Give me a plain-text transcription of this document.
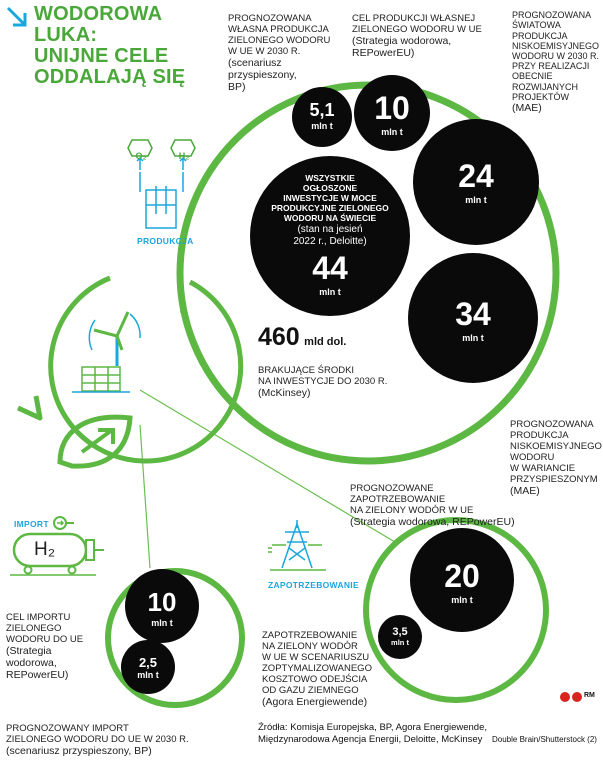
WODOROWA
LUKA:
UNIJNE CELE
ODDALAJĄ SIĘ
O₂	H₂
PRODUKCJA
IMPORT
H₂
ZAPOTRZEBOWANIE

PROGNOZOWANA
WŁASNA PRODUKCJA
ZIELONEGO WODORU
W UE W 2030 R.

(scenariusz
przyspieszony,
BP)

CEL PRODUKCJI WŁASNEJ
ZIELONEGO WODORU W UE

(Strategia wodorowa,
REPowerEU)

PROGNOZOWANA
ŚWIATOWA
PRODUKCJA
NISKOEMISYJNEGO
WODORU W 2030 R.
PRZY REALIZACJI
OBECNIE
ROZWIJANYCH
PROJEKTÓW

(MAE)

PROGNOZOWANA
PRODUKCJA
NISKOEMISYJNEGO
WODORU
W WARIANCIE
PRZYSPIESZONYM

(MAE)

5,1
mln t	10
mln t
24
mln t
34
mln t
WSZYSTKIE
OGŁOSZONE
INWESTYCJE W MOCE
PRODUKCYJNE ZIELONEGO
WODORU NA ŚWIECIE
(stan na jesień
2022 r., Deloitte)
44
mln t
460 mld dol.

BRAKUJĄCE ŚRODKI
NA INWESTYCJE DO 2030 R.

(McKinsey)

CEL IMPORTU
ZIELONEGO
WODORU DO UE

(Strategia
wodorowa,
REPowerEU)

PROGNOZOWANY IMPORT
ZIELONEGO WODORU DO UE W 2030 R.

(scenariusz przyspieszony, BP)

10
mln t
2,5
mln t

PROGNOZOWANE
ZAPOTRZEBOWANIE
NA ZIELONY WODÓR W UE

(Strategia wodorowa, REPowerEU)

ZAPOTRZEBOWANIE
NA ZIELONY WODÓR
W UE W SCENARIUSZU
ZOPTYMALIZOWANEGO
KOSZTOWO ODEJŚCIA
OD GAZU ZIEMNEGO

(Agora Energiewende)

20
mln t
3,5
mln t
Źródła: Komisja Europejska, BP, Agora Energiewende,
Międzynarodowa Agencja Energii, Deloitte, McKinsey
RM
Double Brain/Shutterstock (2)
